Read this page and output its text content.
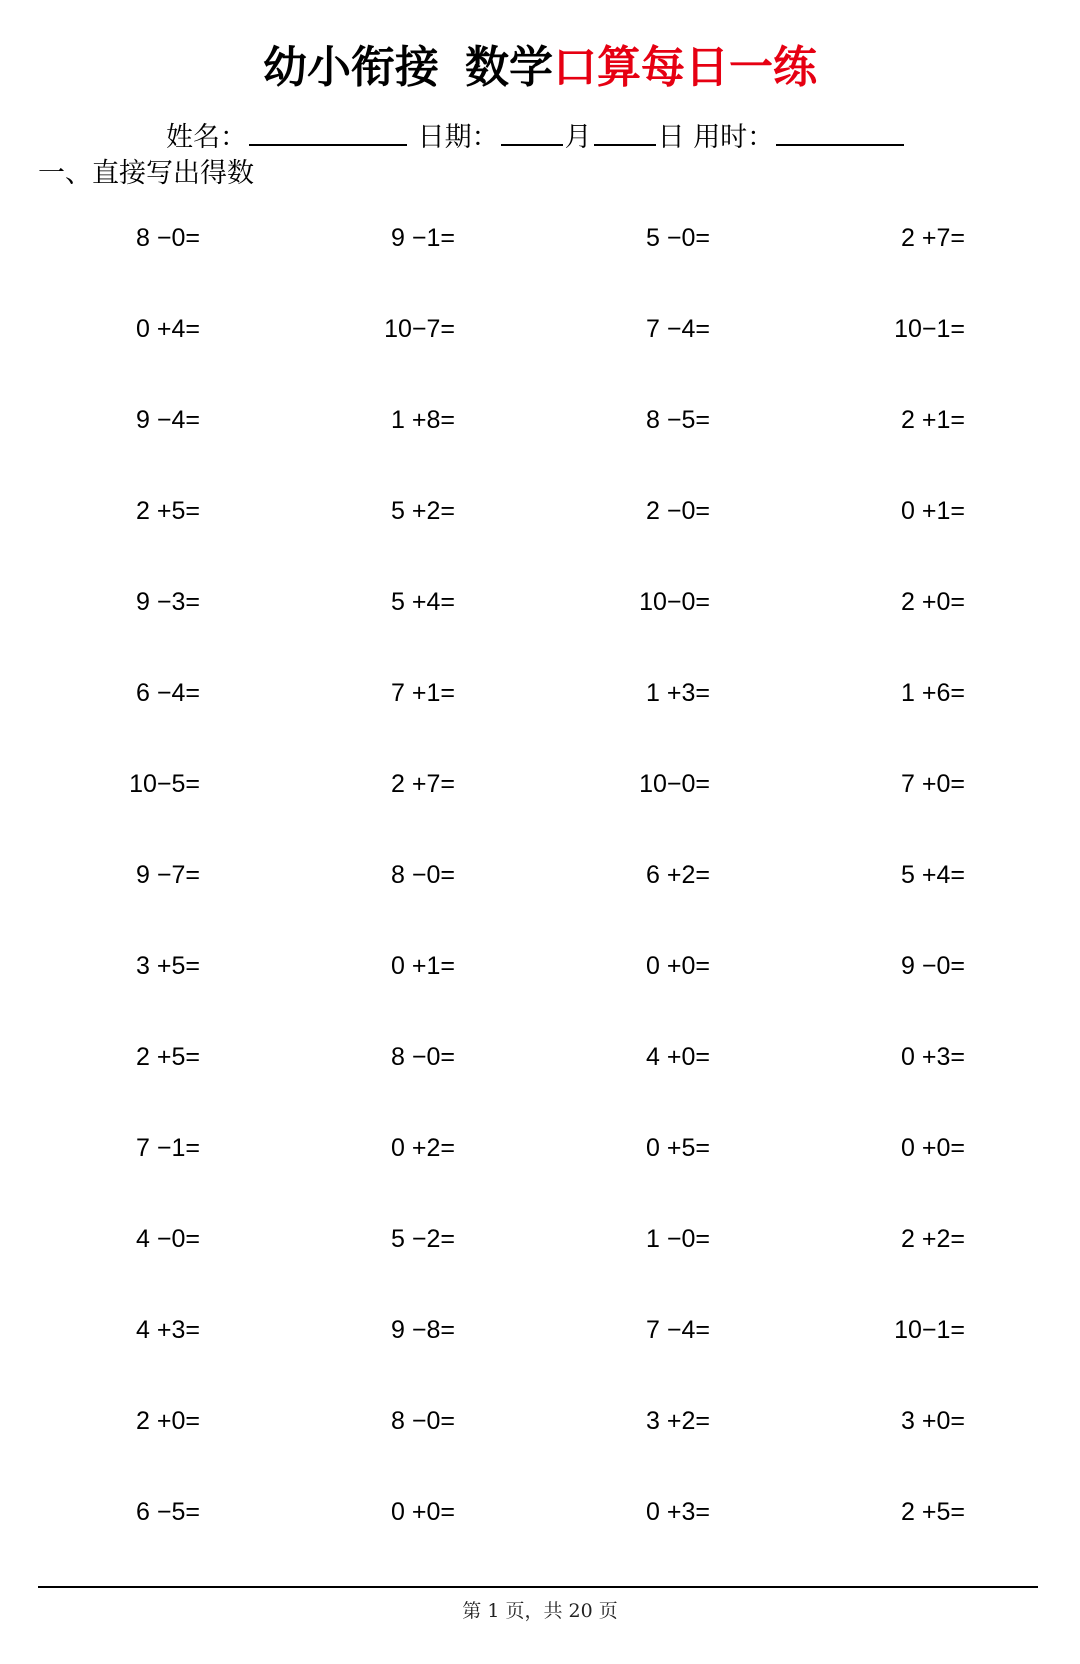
幼小衔接 数学口算每日一练
姓名：	日期： 月 日 用时：
一、直接写出得数
8 −0=	9 −1=	5 −0=	2 +7=
0 +4=	10−7=	7 −4=	10−1=
9 −4=	1 +8=	8 −5=	2 +1=
2 +5=	5 +2=	2 −0=	0 +1=
9 −3=	5 +4=	10−0=	2 +0=
6 −4=	7 +1=	1 +3=	1 +6=
10−5=	2 +7=	10−0=	7 +0=
9 −7=	8 −0=	6 +2=	5 +4=
3 +5=	0 +1=	0 +0=	9 −0=
2 +5=	8 −0=	4 +0=	0 +3=
7 −1=	0 +2=	0 +5=	0 +0=
4 −0=	5 −2=	1 −0=	2 +2=
4 +3=	9 −8=	7 −4=	10−1=
2 +0=	8 −0=	3 +2=	3 +0=
6 −5=	0 +0=	0 +3=	2 +5=
第 1 页，共 20 页
